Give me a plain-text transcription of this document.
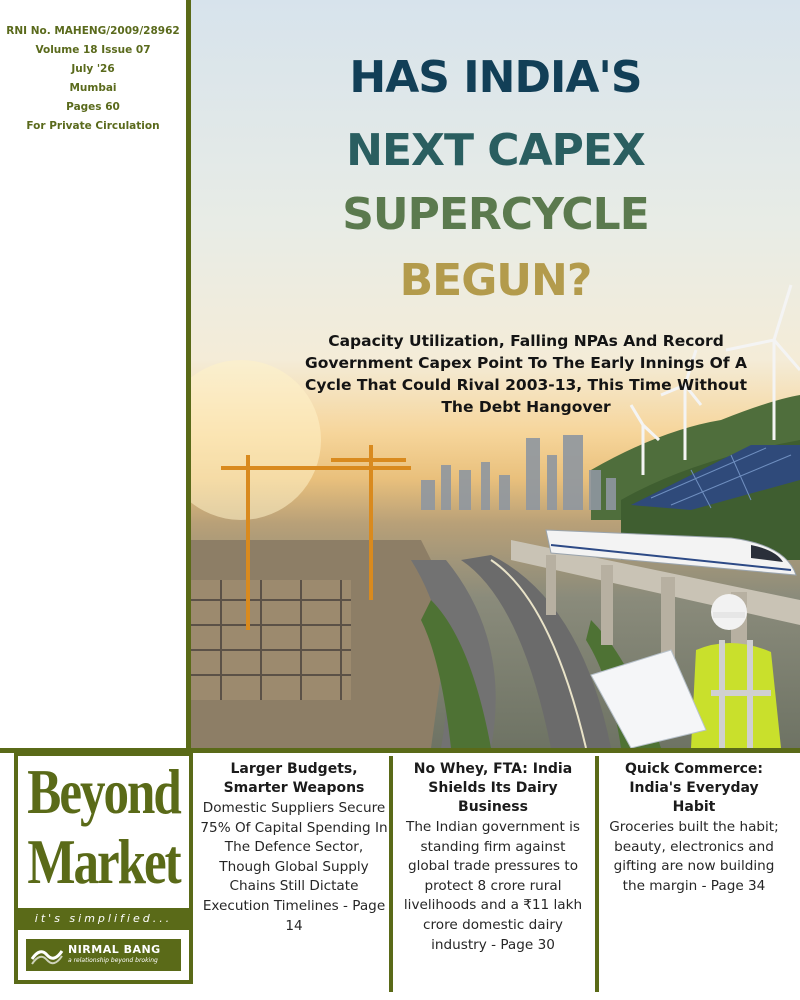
RNI No. MAHENG/2009/28962
Volume 18 Issue 07
July '26
Mumbai
Pages 60
For Private Circulation
HAS INDIA'S
NEXT CAPEX
SUPERCYCLE
BEGUN?
Capacity Utilization, Falling NPAs And Record Government Capex Point To The Early Innings Of A Cycle That Could Rival 2003-13, This Time Without The Debt Hangover
Beyond
Market
it's simplified...
NIRMAL BANG
a relationship beyond broking
Larger Budgets, Smarter Weapons
Domestic Suppliers Secure 75% Of Capital Spending In The Defence Sector, Though Global Supply Chains Still Dictate Execution Timelines - Page 14
No Whey, FTA: India Shields Its Dairy Business
The Indian government is standing firm against global trade pressures to protect 8 crore rural livelihoods and a ₹11 lakh crore domestic dairy industry - Page 30
Quick Commerce: India's Everyday Habit
Groceries built the habit; beauty, electronics and gifting are now building the margin - Page 34
